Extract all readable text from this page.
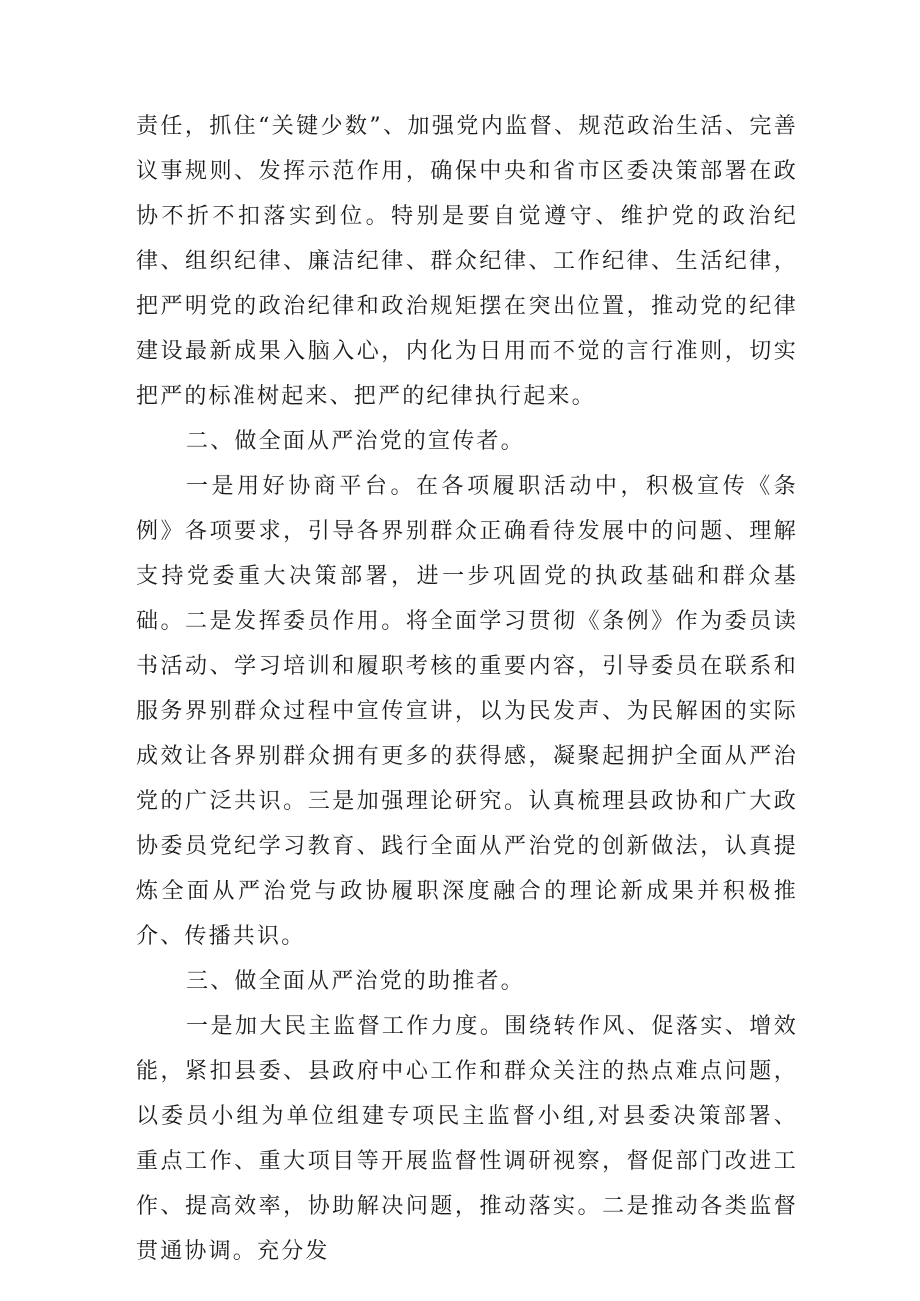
责任，抓住“关键少数”、加强党内监督、规范政治生活、完善议事规则、发挥示范作用，确保中央和省市区委决策部署在政协不折不扣落实到位。特别是要自觉遵守、维护党的政治纪律、组织纪律、廉洁纪律、群众纪律、工作纪律、生活纪律，把严明党的政治纪律和政治规矩摆在突出位置，推动党的纪律建设最新成果入脑入心，内化为日用而不觉的言行准则，切实把严的标准树起来、把严的纪律执行起来。

二、做全面从严治党的宣传者。

一是用好协商平台。在各项履职活动中，积极宣传《条例》各项要求，引导各界别群众正确看待发展中的问题、理解支持党委重大决策部署，进一步巩固党的执政基础和群众基础。二是发挥委员作用。将全面学习贯彻《条例》作为委员读书活动、学习培训和履职考核的重要内容，引导委员在联系和服务界别群众过程中宣传宣讲，以为民发声、为民解困的实际成效让各界别群众拥有更多的获得感，凝聚起拥护全面从严治党的广泛共识。三是加强理论研究。认真梳理县政协和广大政协委员党纪学习教育、践行全面从严治党的创新做法，认真提炼全面从严治党与政协履职深度融合的理论新成果并积极推介、传播共识。

三、做全面从严治党的助推者。

一是加大民主监督工作力度。围绕转作风、促落实、增效能，紧扣县委、县政府中心工作和群众关注的热点难点问题，以委员小组为单位组建专项民主监督小组,对县委决策部署、重点工作、重大项目等开展监督性调研视察，督促部门改进工作、提高效率，协助解决问题，推动落实。二是推动各类监督贯通协调。充分发
